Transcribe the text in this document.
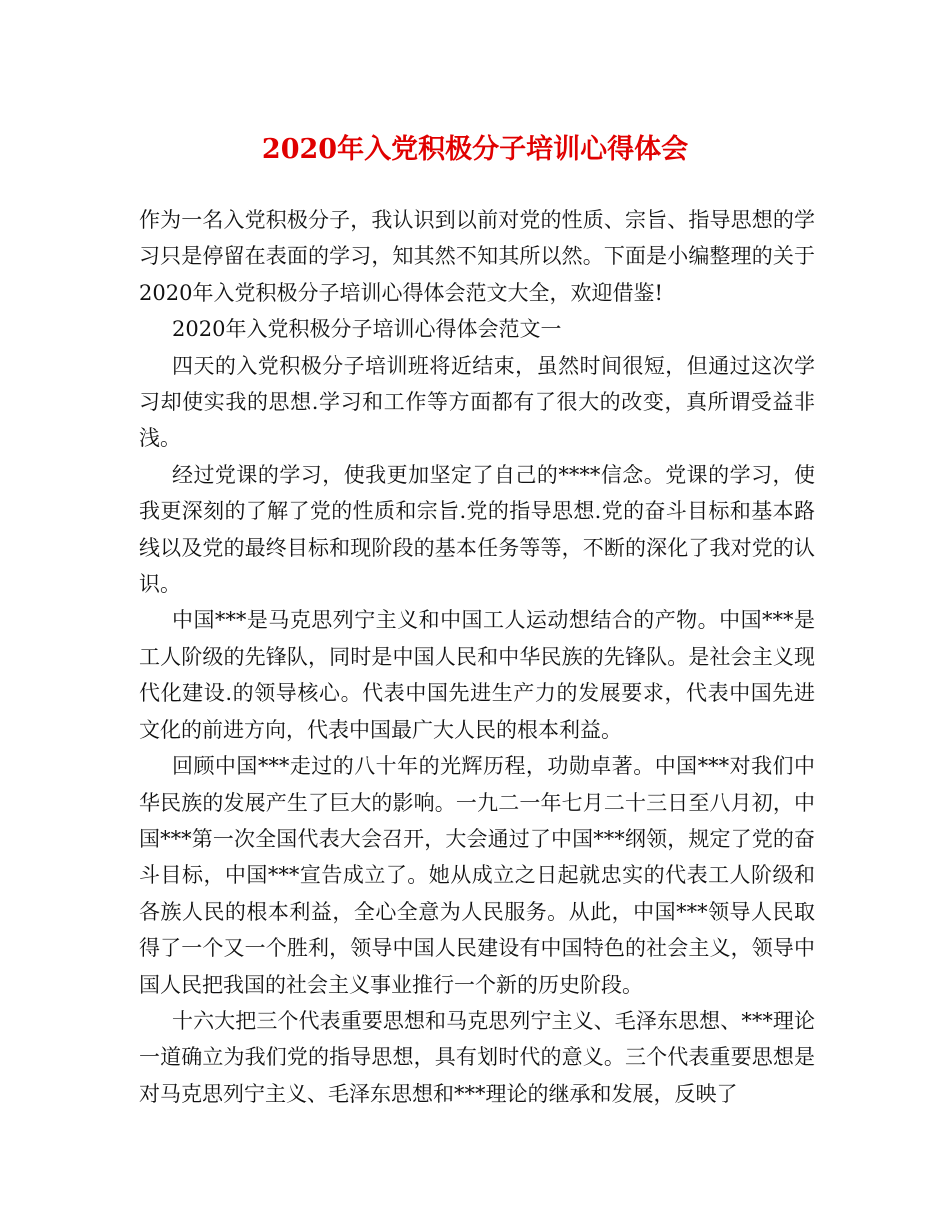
2020年入党积极分子培训心得体会

作为一名入党积极分子，我认识到以前对党的性质、宗旨、指导思想的学习只是停留在表面的学习，知其然不知其所以然。下面是小编整理的关于2020年入党积极分子培训心得体会范文大全，欢迎借鉴!

2020年入党积极分子培训心得体会范文一

四天的入党积极分子培训班将近结束，虽然时间很短，但通过这次学习却使实我的思想.学习和工作等方面都有了很大的改变，真所谓受益非浅。

经过党课的学习，使我更加坚定了自己的****信念。党课的学习，使我更深刻的了解了党的性质和宗旨.党的指导思想.党的奋斗目标和基本路线以及党的最终目标和现阶段的基本任务等等，不断的深化了我对党的认识。

中国***是马克思列宁主义和中国工人运动想结合的产物。中国***是工人阶级的先锋队，同时是中国人民和中华民族的先锋队。是社会主义现代化建设.的领导核心。代表中国先进生产力的发展要求，代表中国先进文化的前进方向，代表中国最广大人民的根本利益。

回顾中国***走过的八十年的光辉历程，功勋卓著。中国***对我们中华民族的发展产生了巨大的影响。一九二一年七月二十三日至八月初，中国***第一次全国代表大会召开，大会通过了中国***纲领，规定了党的奋斗目标，中国***宣告成立了。她从成立之日起就忠实的代表工人阶级和各族人民的根本利益，全心全意为人民服务。从此，中国***领导人民取得了一个又一个胜利，领导中国人民建设有中国特色的社会主义，领导中国人民把我国的社会主义事业推行一个新的历史阶段。

十六大把三个代表重要思想和马克思列宁主义、毛泽东思想、***理论一道确立为我们党的指导思想，具有划时代的意义。三个代表重要思想是对马克思列宁主义、毛泽东思想和***理论的继承和发展，反映了
